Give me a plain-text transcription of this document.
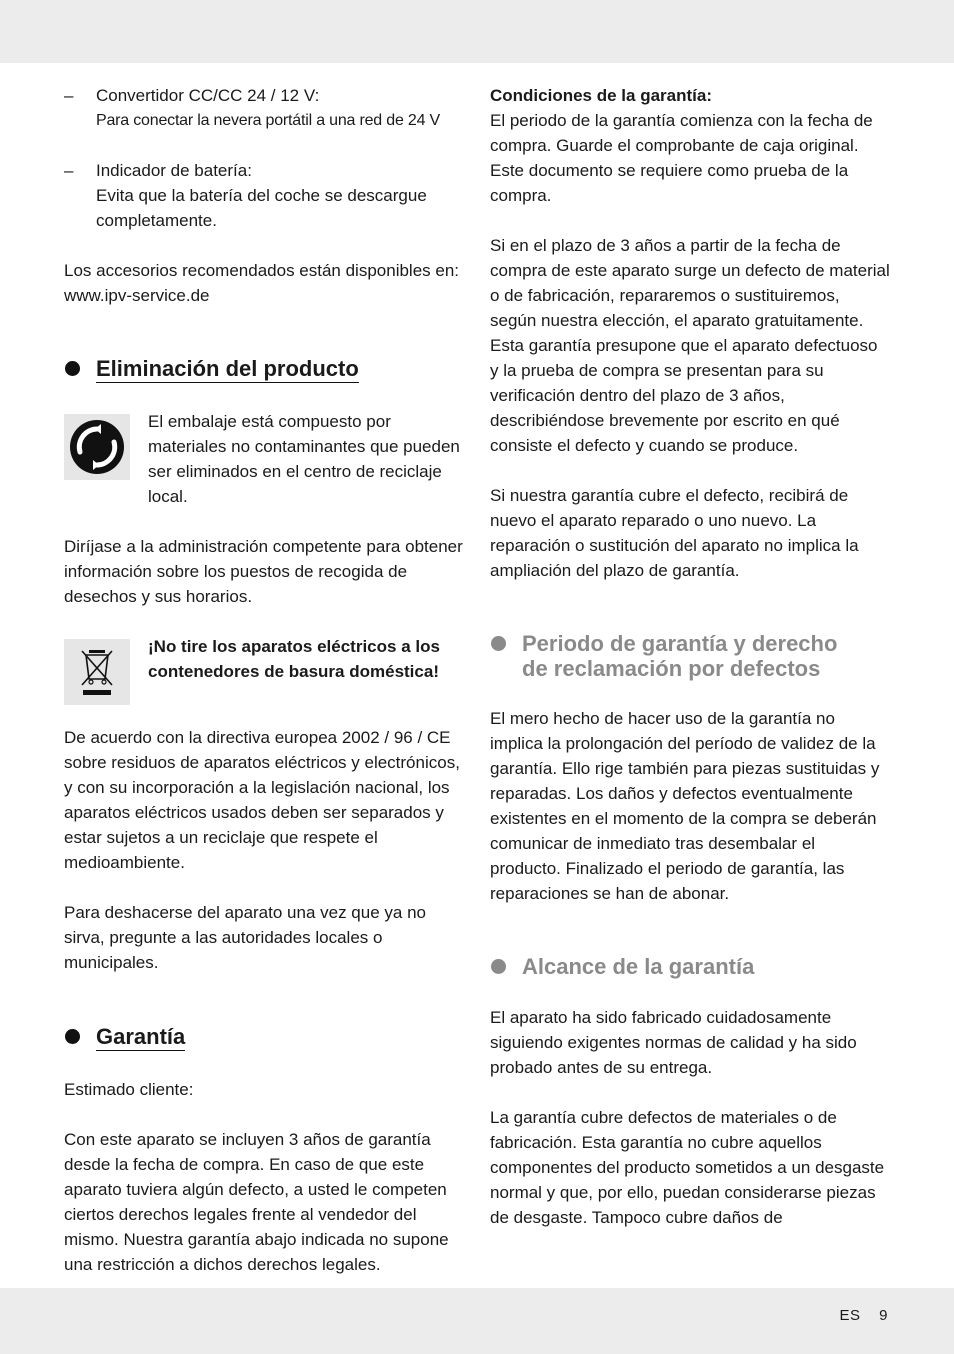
– Convertidor CC/CC 24 / 12 V:

Para conectar la nevera portátil a una red de 24 V

– Indicador de batería:

Evita que la batería del coche se descargue completamente.

Los accesorios recomendados están disponibles en: www.ipv-service.de

Eliminación del producto

El embalaje está compuesto por materiales no contaminantes que pueden ser eliminados en el centro de reciclaje local.

Diríjase a la administración competente para obtener información sobre los puestos de recogida de desechos y sus horarios.

¡No tire los aparatos eléctricos a los contenedores de basura doméstica!

De acuerdo con la directiva europea 2002 / 96 / CE sobre residuos de aparatos eléctricos y electrónicos, y con su incorporación a la legislación nacional, los aparatos eléctricos usados deben ser separados y estar sujetos a un reciclaje que respete el medioambiente.

Para deshacerse del aparato una vez que ya no sirva, pregunte a las autoridades locales o municipales.

Garantía

Estimado cliente:

Con este aparato se incluyen 3 años de garantía desde la fecha de compra. En caso de que este aparato tuviera algún defecto, a usted le competen ciertos derechos legales frente al vendedor del mismo. Nuestra garantía abajo indicada no supone una restricción a dichos derechos legales.

Condiciones de la garantía:

El periodo de la garantía comienza con la fecha de compra. Guarde el comprobante de caja original. Este documento se requiere como prueba de la compra.

Si en el plazo de 3 años a partir de la fecha de compra de este aparato surge un defecto de material o de fabricación, repararemos o sustituiremos, según nuestra elección, el aparato gratuitamente. Esta garantía presupone que el aparato defectuoso y la prueba de compra se presentan para su verificación dentro del plazo de 3 años, describiéndose brevemente por escrito en qué consiste el defecto y cuando se produce.

Si nuestra garantía cubre el defecto, recibirá de nuevo el aparato reparado o uno nuevo. La reparación o sustitución del aparato no implica la ampliación del plazo de garantía.

Periodo de garantía y derecho
de reclamación por defectos

El mero hecho de hacer uso de la garantía no implica la prolongación del período de validez de la garantía. Ello rige también para piezas sustituidas y reparadas. Los daños y defectos eventualmente existentes en el momento de la compra se deberán comunicar de inmediato tras desembalar el producto. Finalizado el periodo de garantía, las reparaciones se han de abonar.

Alcance de la garantía

El aparato ha sido fabricado cuidadosamente siguiendo exigentes normas de calidad y ha sido probado antes de su entrega.

La garantía cubre defectos de materiales o de fabricación. Esta garantía no cubre aquellos componentes del producto sometidos a un desgaste normal y que, por ello, puedan considerarse piezas de desgaste. Tampoco cubre daños de

ES 9
